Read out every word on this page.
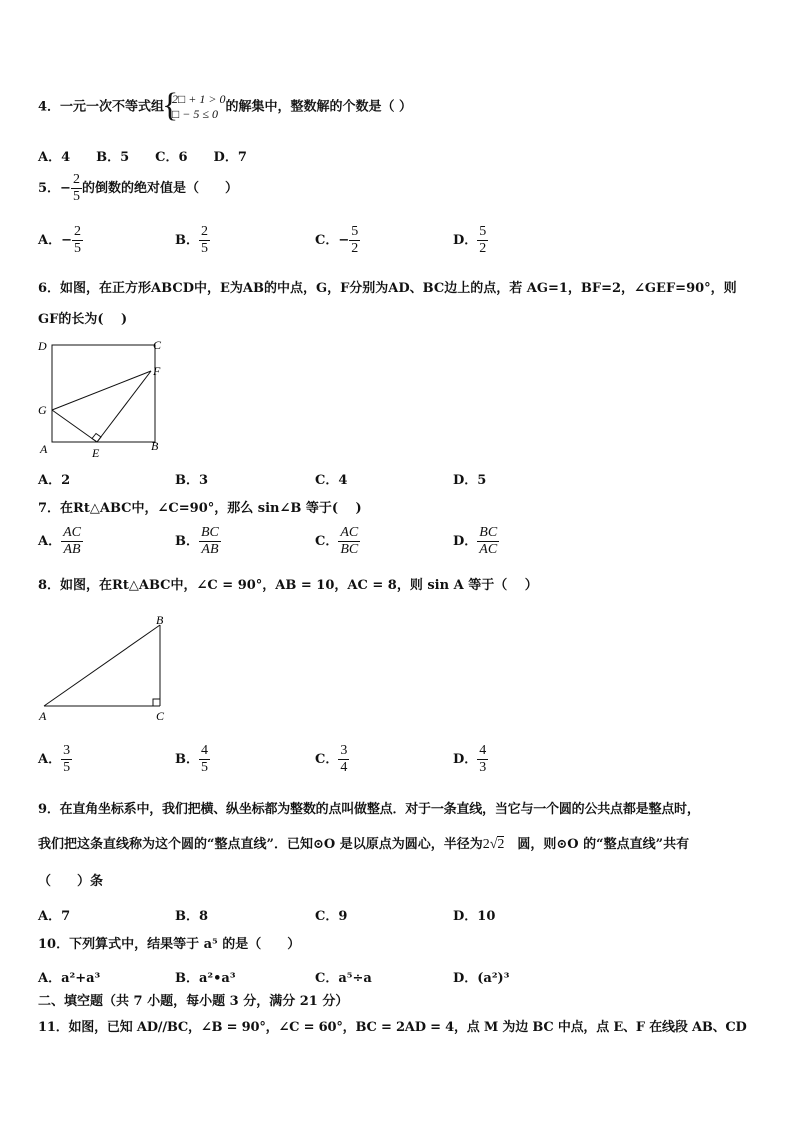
4．一元一次不等式组
{ 2□ + 1 > 0
□ − 5 ≤ 0 的解集中，整数解的个数是（ ）
A．4　　B．5　　C．6　　D．7
5．− $\frac{2}{5}$ 的倒数的绝对值是（　　）
A．− $\frac{2}{5}$	B． $\frac{2}{5}$	C．− $\frac{5}{2}$	D． $\frac{5}{2}$
6．如图，在正方形ABCD中，E为AB的中点，G，F分别为AD、BC边上的点，若 AG=1，BF=2，∠GEF=90°，则
GF的长为(　 )
D	C
F
G
A	E	B
A．2	B．3	C．4	D．5
7．在Rt△ABC中，∠C=90°，那么 sin∠B 等于(　 )
A． $\frac{AC}{AB}$	B． $\frac{BC}{AB}$	C． $\frac{AC}{BC}$	D． $\frac{BC}{AC}$
8．如图，在Rt△ABC中，∠C = 90°，AB = 10，AC = 8，则 sin A 等于（　 ）
B
A	C
A． $\frac{3}{5}$	B． $\frac{4}{5}$	C． $\frac{3}{4}$	D． $\frac{4}{3}$
9．在直角坐标系中，我们把横、纵坐标都为整数的点叫做整点．对于一条直线，当它与一个圆的公共点都是整点时，
我们把这条直线称为这个圆的“整点直线”．已知⊙O 是以原点为圆心，半径为2√2　 圆，则⊙O 的“整点直线”共有
（　　）条
A．7	B．8	C．9	D．10
10．下列算式中，结果等于 a⁵ 的是（　　）
A．a²+a³	B．a²•a³	C．a⁵÷a	D．(a²)³
二、填空题（共 7 小题，每小题 3 分，满分 21 分）
11．如图，已知 AD//BC，∠B = 90°，∠C = 60°，BC = 2AD = 4，点 M 为边 BC 中点，点 E、F 在线段 AB、CD
